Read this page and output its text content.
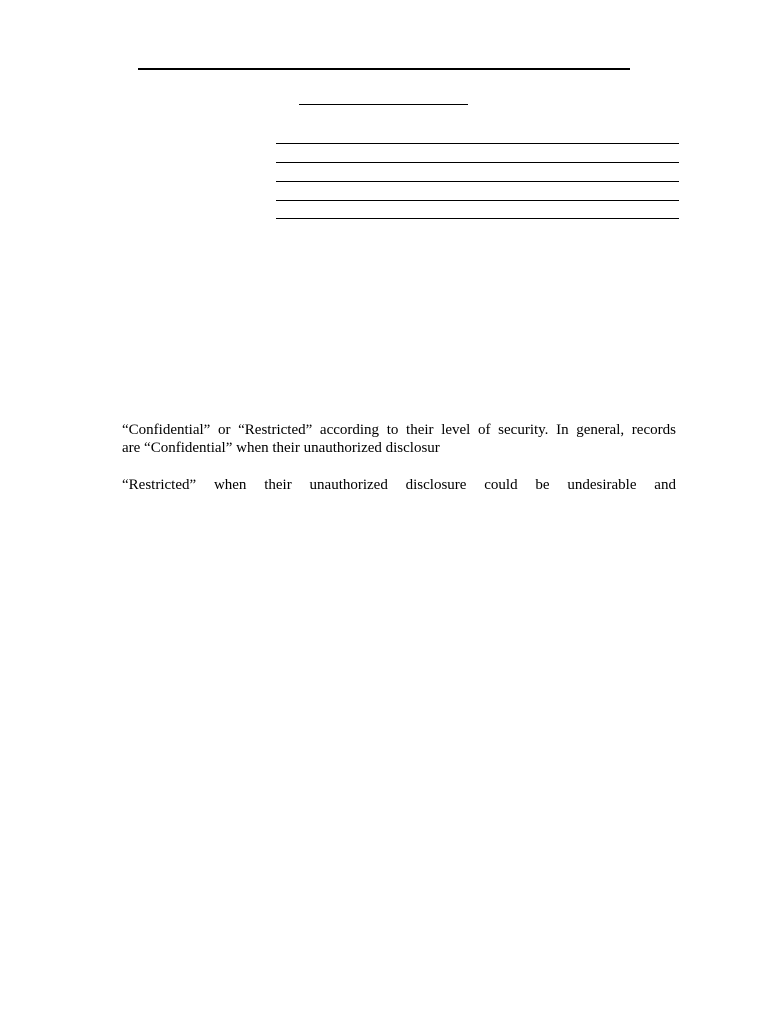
“Confidential” or “Restricted” according to their level of security. In general, records
are “Confidential” when their unauthorized disclosur
“Restricted” when their unauthorized disclosure could be undesirable and
